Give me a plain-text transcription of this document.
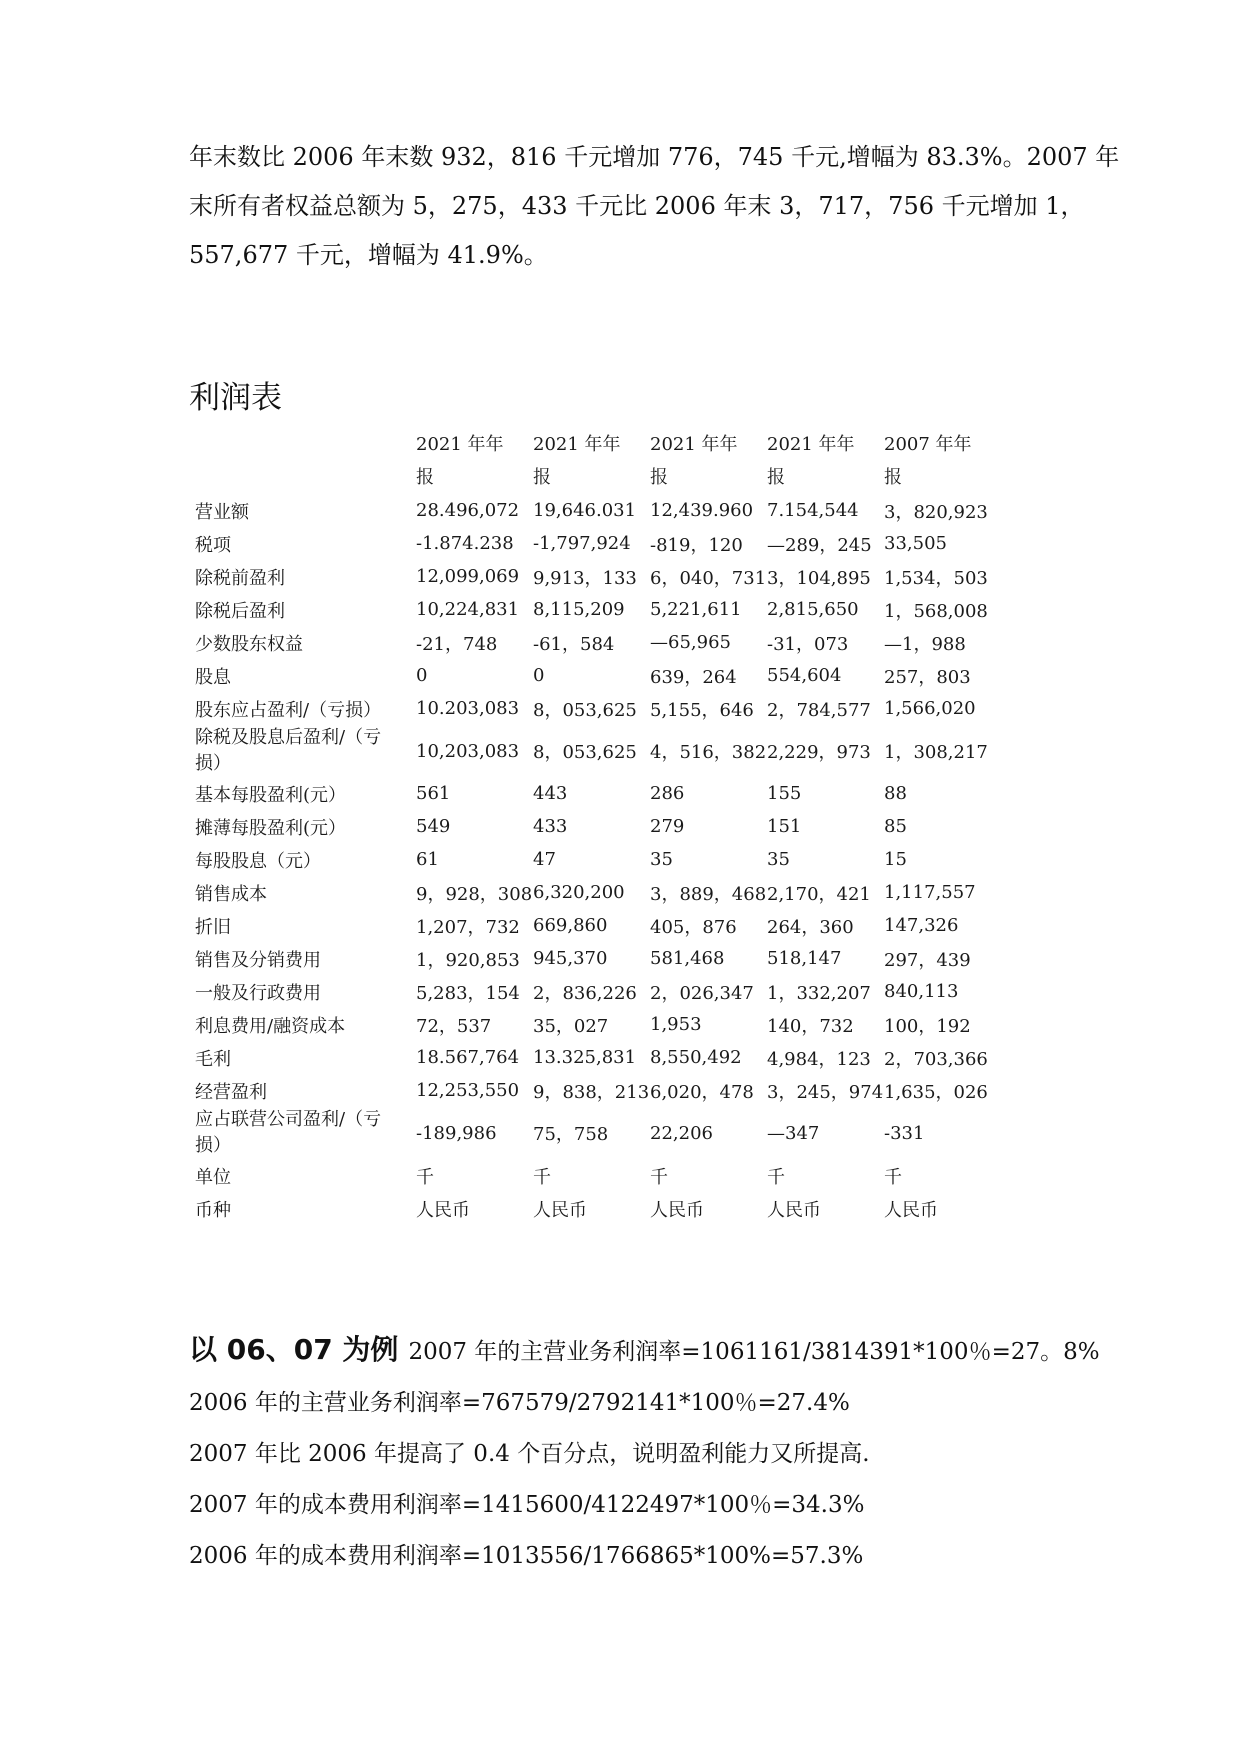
年末数比 2006 年末数 932，816 千元增加 776，745 千元,增幅为 83.3%。2007 年

末所有者权益总额为 5，275，433 千元比 2006 年末 3，717，756 千元增加 1，

557,677 千元，增幅为 41.9%。

利润表

	2021 年年报	2021 年年报	2021 年年报	2021 年年报	2007 年年报

营业额	28.496,072	19,646.031	12,439.960	7.154,544	3，820,923
税项	-1.874.238	-1,797,924	-819，120	—289，245	33,505
除税前盈利	12,099,069	9,913，133	6，040，731	3，104,895	1,534，503
除税后盈利	10,224,831	8,115,209	5,221,611	2,815,650	1，568,008
少数股东权益	-21，748	-61，584	—65,965	-31，073	—1，988
股息	0	0	639，264	554,604	257，803
股东应占盈利/（亏损）	10.203,083	8，053,625	5,155，646	2，784,577	1,566,020

除税及股息后盈利/（亏损）	10,203,083	8，053,625	4，516，382	2,229，973	1，308,217
基本每股盈利(元）	561	443	286	155	88
摊薄每股盈利(元）	549	433	279	151	85
每股股息（元）	61	47	35	35	15
销售成本	9，928，308	6,320,200	3，889，468	2,170，421	1,117,557
折旧	1,207，732	669,860	405，876	264，360	147,326
销售及分销费用	1，920,853	945,370	581,468	518,147	297，439
一般及行政费用	5,283，154	2，836,226	2，026,347	1，332,207	840,113
利息费用/融资成本	72，537	35，027	1,953	140，732	100，192
毛利	18.567,764	13.325,831	8,550,492	4,984，123	2，703,366
经营盈利	12,253,550	9，838，213	6,020，478	3，245，974	1,635，026

应占联营公司盈利/（亏损）	-189,986	75，758	22,206	—347	-331
单位	千	千	千	千	千
币种	人民币	人民币	人民币	人民币	人民币

以 06、07 为例 2007 年的主营业务利润率=1061161/3814391*100％=27。8%

2006 年的主营业务利润率=767579/2792141*100％=27.4%

2007 年比 2006 年提高了 0.4 个百分点，说明盈利能力又所提高.

2007 年的成本费用利润率=1415600/4122497*100％=34.3%

2006 年的成本费用利润率=1013556/1766865*100%=57.3%
